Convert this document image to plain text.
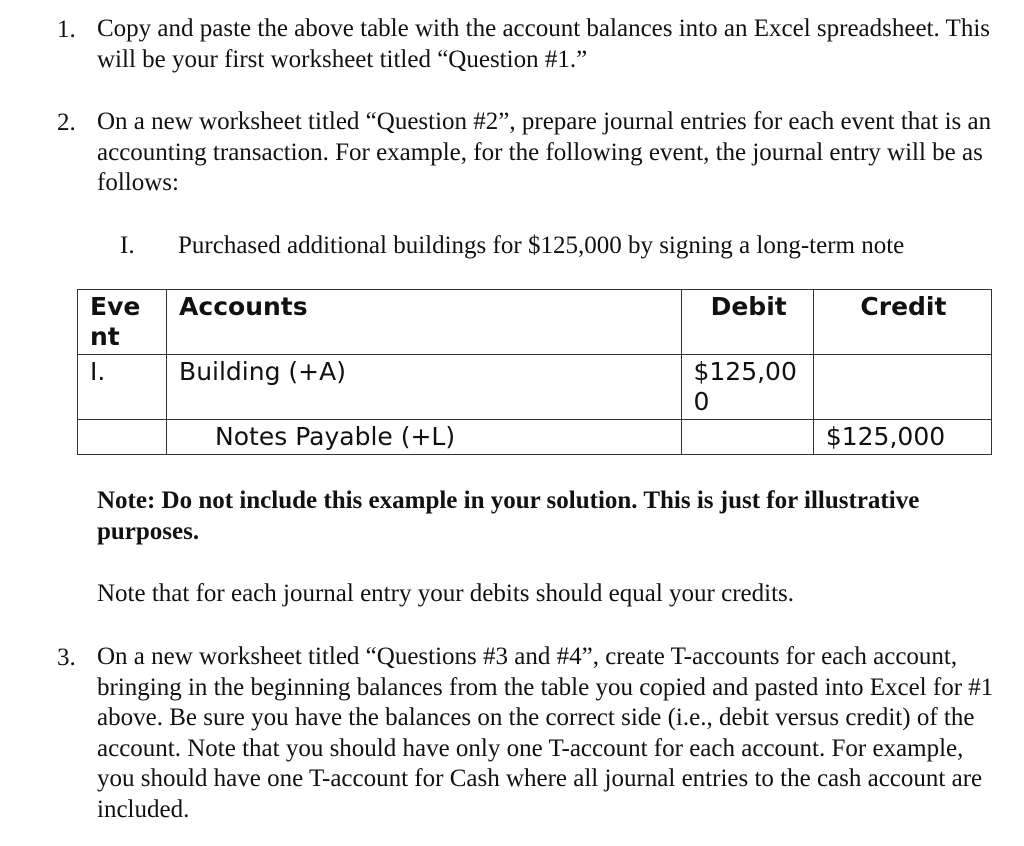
1. Copy and paste the above table with the account balances into an Excel spreadsheet. This will be your first worksheet titled “Question #1.”
2. On a new worksheet titled “Question #2”, prepare journal entries for each event that is an accounting transaction. For example, for the following event, the journal entry will be as follows:
I. Purchased additional buildings for $125,000 by signing a long-term note
Event	Accounts	Debit	Credit
I.	Building (+A)	$125,000	
	Notes Payable (+L)		$125,000
Note: Do not include this example in your solution. This is just for illustrative purposes.
Note that for each journal entry your debits should equal your credits.
3. On a new worksheet titled “Questions #3 and #4”, create T-accounts for each account, bringing in the beginning balances from the table you copied and pasted into Excel for #1 above. Be sure you have the balances on the correct side (i.e., debit versus credit) of the account. Note that you should have only one T-account for each account. For example, you should have one T-account for Cash where all journal entries to the cash account are included.
